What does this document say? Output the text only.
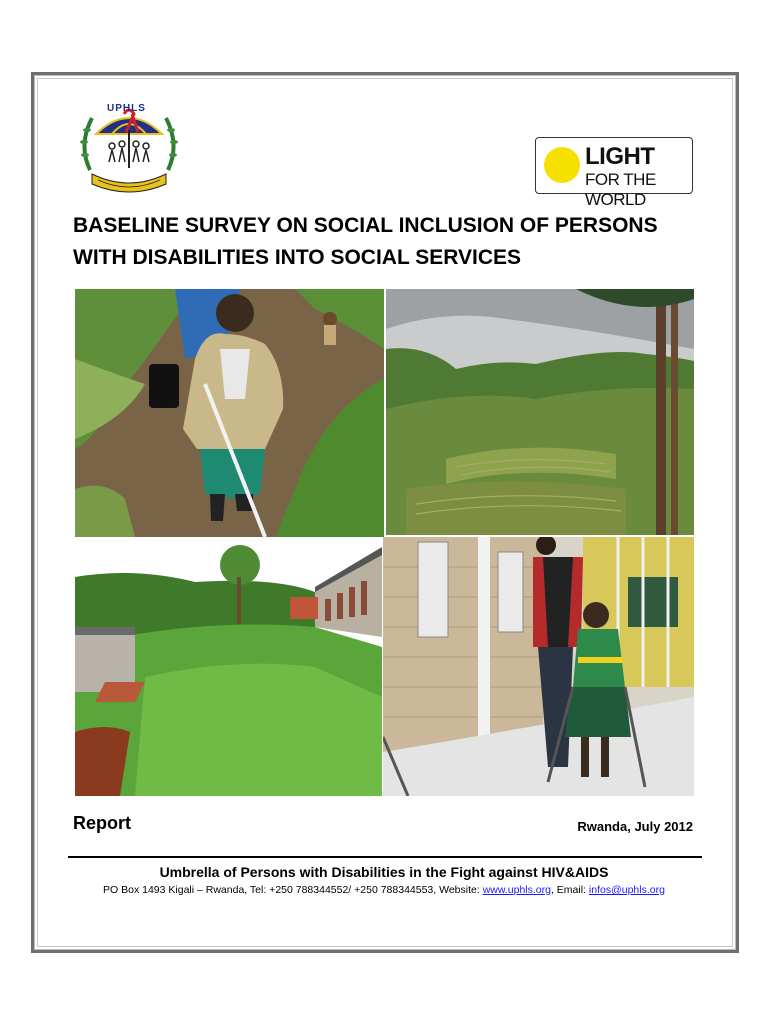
UPHLS
LIGHT
FOR THE WORLD
BASELINE SURVEY ON SOCIAL INCLUSION OF PERSONS
WITH DISABILITIES INTO SOCIAL SERVICES
Report	Rwanda, July 2012
Umbrella of Persons with Disabilities in the Fight against HIV&AIDS
PO Box 1493 Kigali – Rwanda, Tel: +250 788344552/ +250 788344553, Website: www.uphls.org, Email: infos@uphls.org
